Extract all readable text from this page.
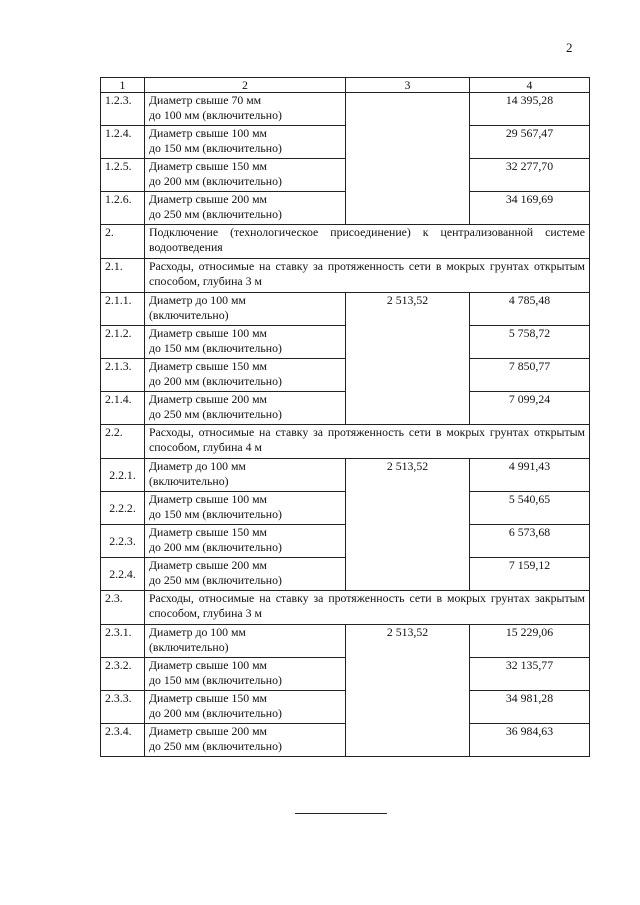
2
1	2	3	4
1.2.3.	Диаметр свыше 70 мм
до 100 мм (включительно)		14 395,28
1.2.4.	Диаметр свыше 100 мм
до 150 мм (включительно)		29 567,47
1.2.5.	Диаметр свыше 150 мм
до 200 мм (включительно)		32 277,70
1.2.6.	Диаметр свыше 200 мм
до 250 мм (включительно)		34 169,69
2.	Подключение (технологическое присоединение) к централизованной системе водоотведения		
2.1.	Расходы, относимые на ставку за протяженность сети в мокрых грунтах открытым способом, глубина 3 м		
2.1.1.	Диаметр до 100 мм
(включительно)	2 513,52	4 785,48
2.1.2.	Диаметр свыше 100 мм
до 150 мм (включительно)		5 758,72
2.1.3.	Диаметр свыше 150 мм
до 200 мм (включительно)		7 850,77
2.1.4.	Диаметр свыше 200 мм
до 250 мм (включительно)		7 099,24
2.2.	Расходы, относимые на ставку за протяженность сети в мокрых грунтах открытым способом, глубина 4 м		
2.2.1.	Диаметр до 100 мм
(включительно)	2 513,52	4 991,43
2.2.2.	Диаметр свыше 100 мм
до 150 мм (включительно)		5 540,65
2.2.3.	Диаметр свыше 150 мм
до 200 мм (включительно)		6 573,68
2.2.4.	Диаметр свыше 200 мм
до 250 мм (включительно)		7 159,12
2.3.	Расходы, относимые на ставку за протяженность сети в мокрых грунтах закрытым способом, глубина 3 м		
2.3.1.	Диаметр до 100 мм
(включительно)	2 513,52	15 229,06
2.3.2.	Диаметр свыше 100 мм
до 150 мм (включительно)		32 135,77
2.3.3.	Диаметр свыше 150 мм
до 200 мм (включительно)		34 981,28
2.3.4.	Диаметр свыше 200 мм
до 250 мм (включительно)		36 984,63
